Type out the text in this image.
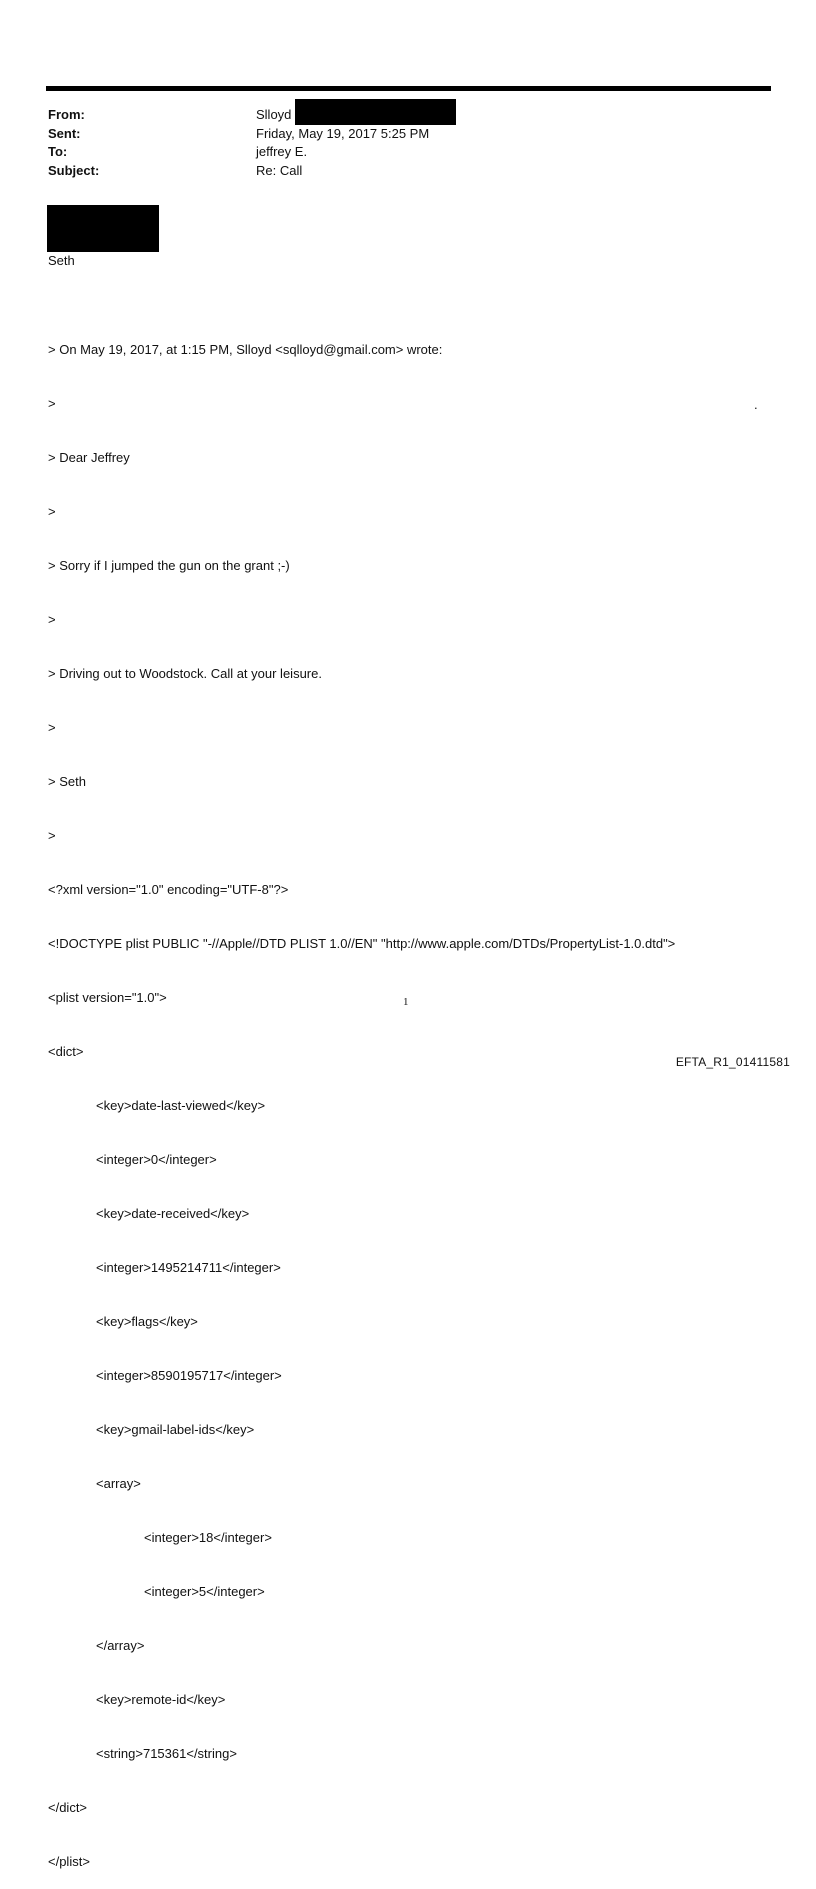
From:	Slloyd
Sent:	Friday, May 19, 2017 5:25 PM
To:	jeffrey E.
Subject:	Re: Call
Seth

> On May 19, 2017, at 1:15 PM, Slloyd <sqlloyd@gmail.com> wrote:

>

> Dear Jeffrey

>

> Sorry if I jumped the gun on the grant ;-)

>

> Driving out to Woodstock. Call at your leisure.

>

> Seth

>

<?xml version="1.0" encoding="UTF-8"?>

<!DOCTYPE plist PUBLIC "-//Apple//DTD PLIST 1.0//EN" "http://www.apple.com/DTDs/PropertyList-1.0.dtd">

<plist version="1.0">

<dict>

<key>date-last-viewed</key>

<integer>0</integer>

<key>date-received</key>

<integer>1495214711</integer>

<key>flags</key>

<integer>8590195717</integer>

<key>gmail-label-ids</key>

<array>

<integer>18</integer>

<integer>5</integer>

</array>

<key>remote-id</key>

<string>715361</string>

</dict>

</plist>

.
1
EFTA_R1_01411581
